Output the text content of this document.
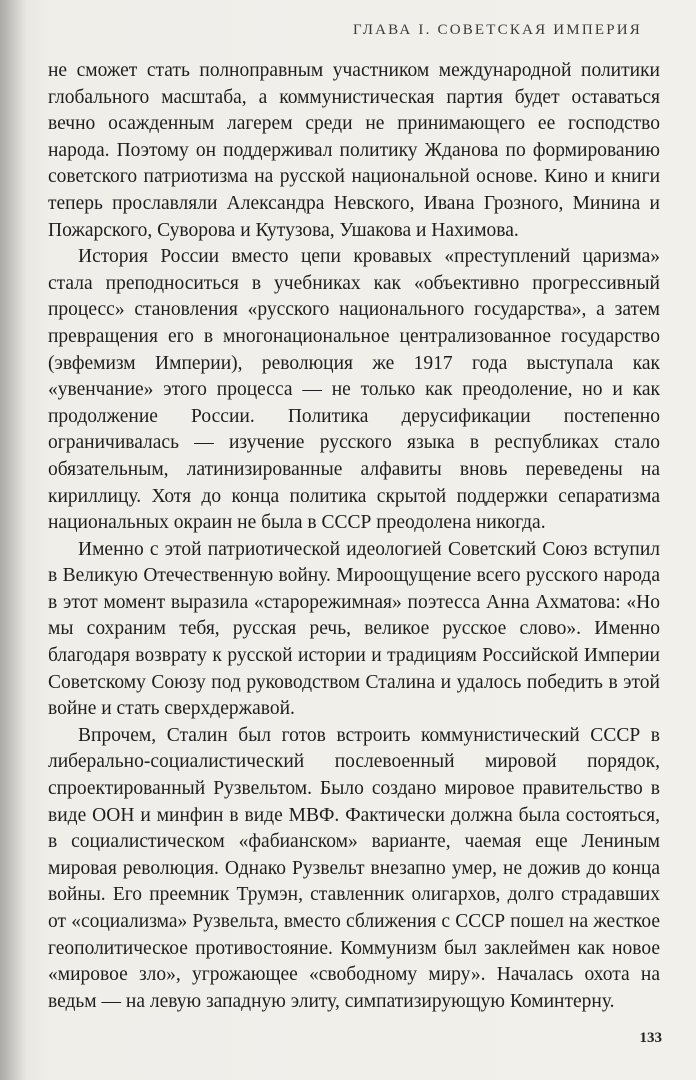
ГЛАВА I. СОВЕТСКАЯ ИМПЕРИЯ

не сможет стать полноправным участником международной политики глобального масштаба, а коммунистическая партия будет оставаться вечно осажденным лагерем среди не принимающего ее господство народа. Поэтому он поддерживал политику Жданова по формированию советского патриотизма на русской национальной основе. Кино и книги теперь прославляли Александра Невского, Ивана Грозного, Минина и Пожарского, Суворова и Кутузова, Ушакова и Нахимова.

История России вместо цепи кровавых «преступлений царизма» стала преподноситься в учебниках как «объективно прогрессивный процесс» становления «русского национального государства», а затем превращения его в многонациональное централизованное государство (эвфемизм Империи), революция же 1917 года выступала как «увенчание» этого процесса — не только как преодоление, но и как продолжение России. Политика дерусификации постепенно ограничивалась — изучение русского языка в республиках стало обязательным, латинизированные алфавиты вновь переведены на кириллицу. Хотя до конца политика скрытой поддержки сепаратизма национальных окраин не была в СССР преодолена никогда.

Именно с этой патриотической идеологией Советский Союз вступил в Великую Отечественную войну. Мироощущение всего русского народа в этот момент выразила «старорежимная» поэтесса Анна Ахматова: «Но мы сохраним тебя, русская речь, великое русское слово». Именно благодаря возврату к русской истории и традициям Российской Империи Советскому Союзу под руководством Сталина и удалось победить в этой войне и стать сверхдержавой.

Впрочем, Сталин был готов встроить коммунистический СССР в либерально-социалистический послевоенный мировой порядок, спроектированный Рузвельтом. Было создано мировое правительство в виде ООН и минфин в виде МВФ. Фактически должна была состояться, в социалистическом «фабианском» варианте, чаемая еще Лениным мировая революция. Однако Рузвельт внезапно умер, не дожив до конца войны. Его преемник Трумэн, ставленник олигархов, долго страдавших от «социализма» Рузвельта, вместо сближения с СССР пошел на жесткое геополитическое противостояние. Коммунизм был заклеймен как новое «мировое зло», угрожающее «свободному миру». Началась охота на ведьм — на левую западную элиту, симпатизирующую Коминтерну.

133
